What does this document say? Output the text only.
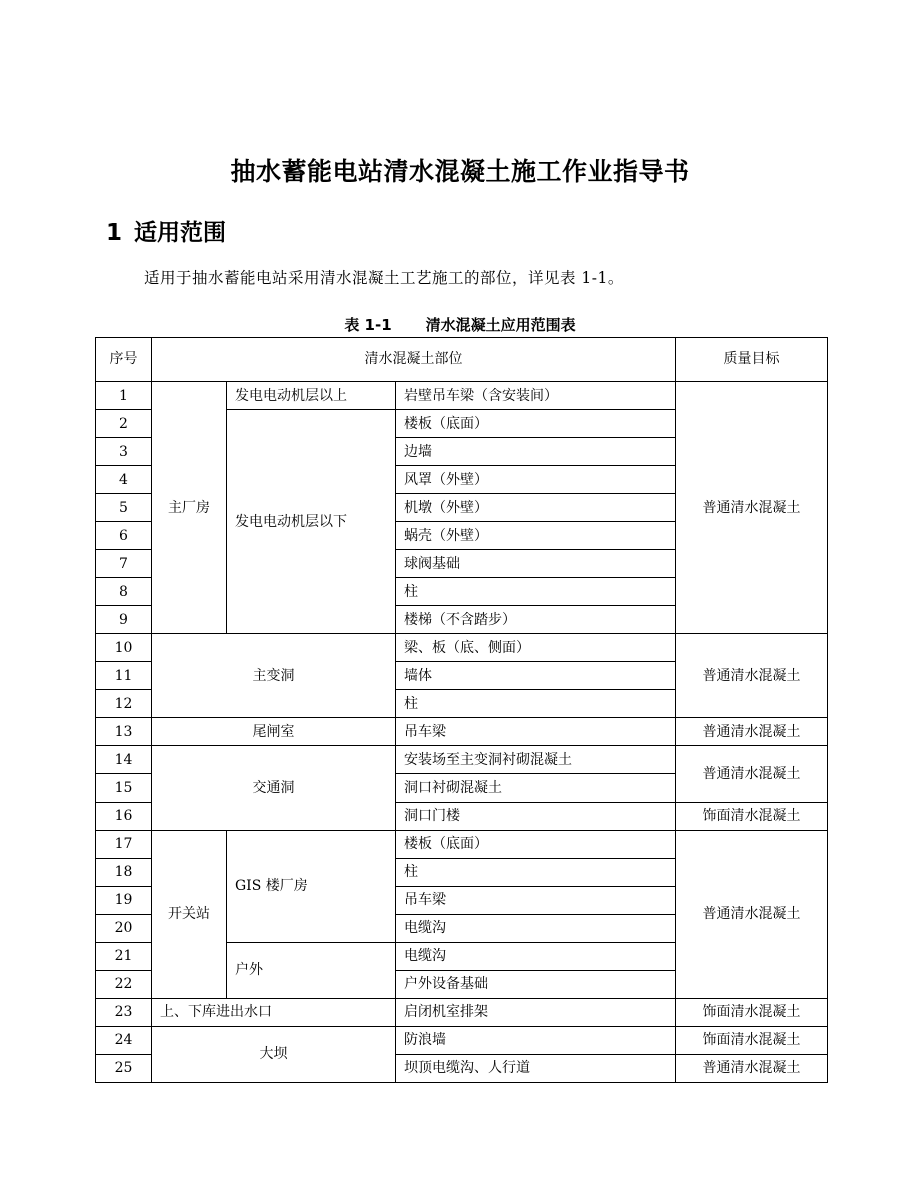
抽水蓄能电站清水混凝土施工作业指导书
1 适用范围
适用于抽水蓄能电站采用清水混凝土工艺施工的部位，详见表 1-1。
表 1-1 清水混凝土应用范围表
序号	清水混凝土部位			质量目标
1	主厂房	发电电动机层以上	岩壁吊车梁（含安装间）	普通清水混凝土
2		发电电动机层以下	楼板（底面）	
3			边墙	
4			风罩（外壁）	
5			机墩（外壁）	
6			蜗壳（外壁）	
7			球阀基础	
8			柱	
9			楼梯（不含踏步）	
10	主变洞		梁、板（底、侧面）	普通清水混凝土
11			墙体	
12			柱	
13	尾闸室		吊车梁	普通清水混凝土
14	交通洞		安装场至主变洞衬砌混凝土	普通清水混凝土
15			洞口衬砌混凝土	
16			洞口门楼	饰面清水混凝土
17	开关站	GIS 楼厂房	楼板（底面）	普通清水混凝土
18			柱	
19			吊车梁	
20			电缆沟	
21		户外	电缆沟	
22			户外设备基础	
23	上、下库进出水口		启闭机室排架	饰面清水混凝土
24	大坝		防浪墙	饰面清水混凝土
25			坝顶电缆沟、人行道	普通清水混凝土
